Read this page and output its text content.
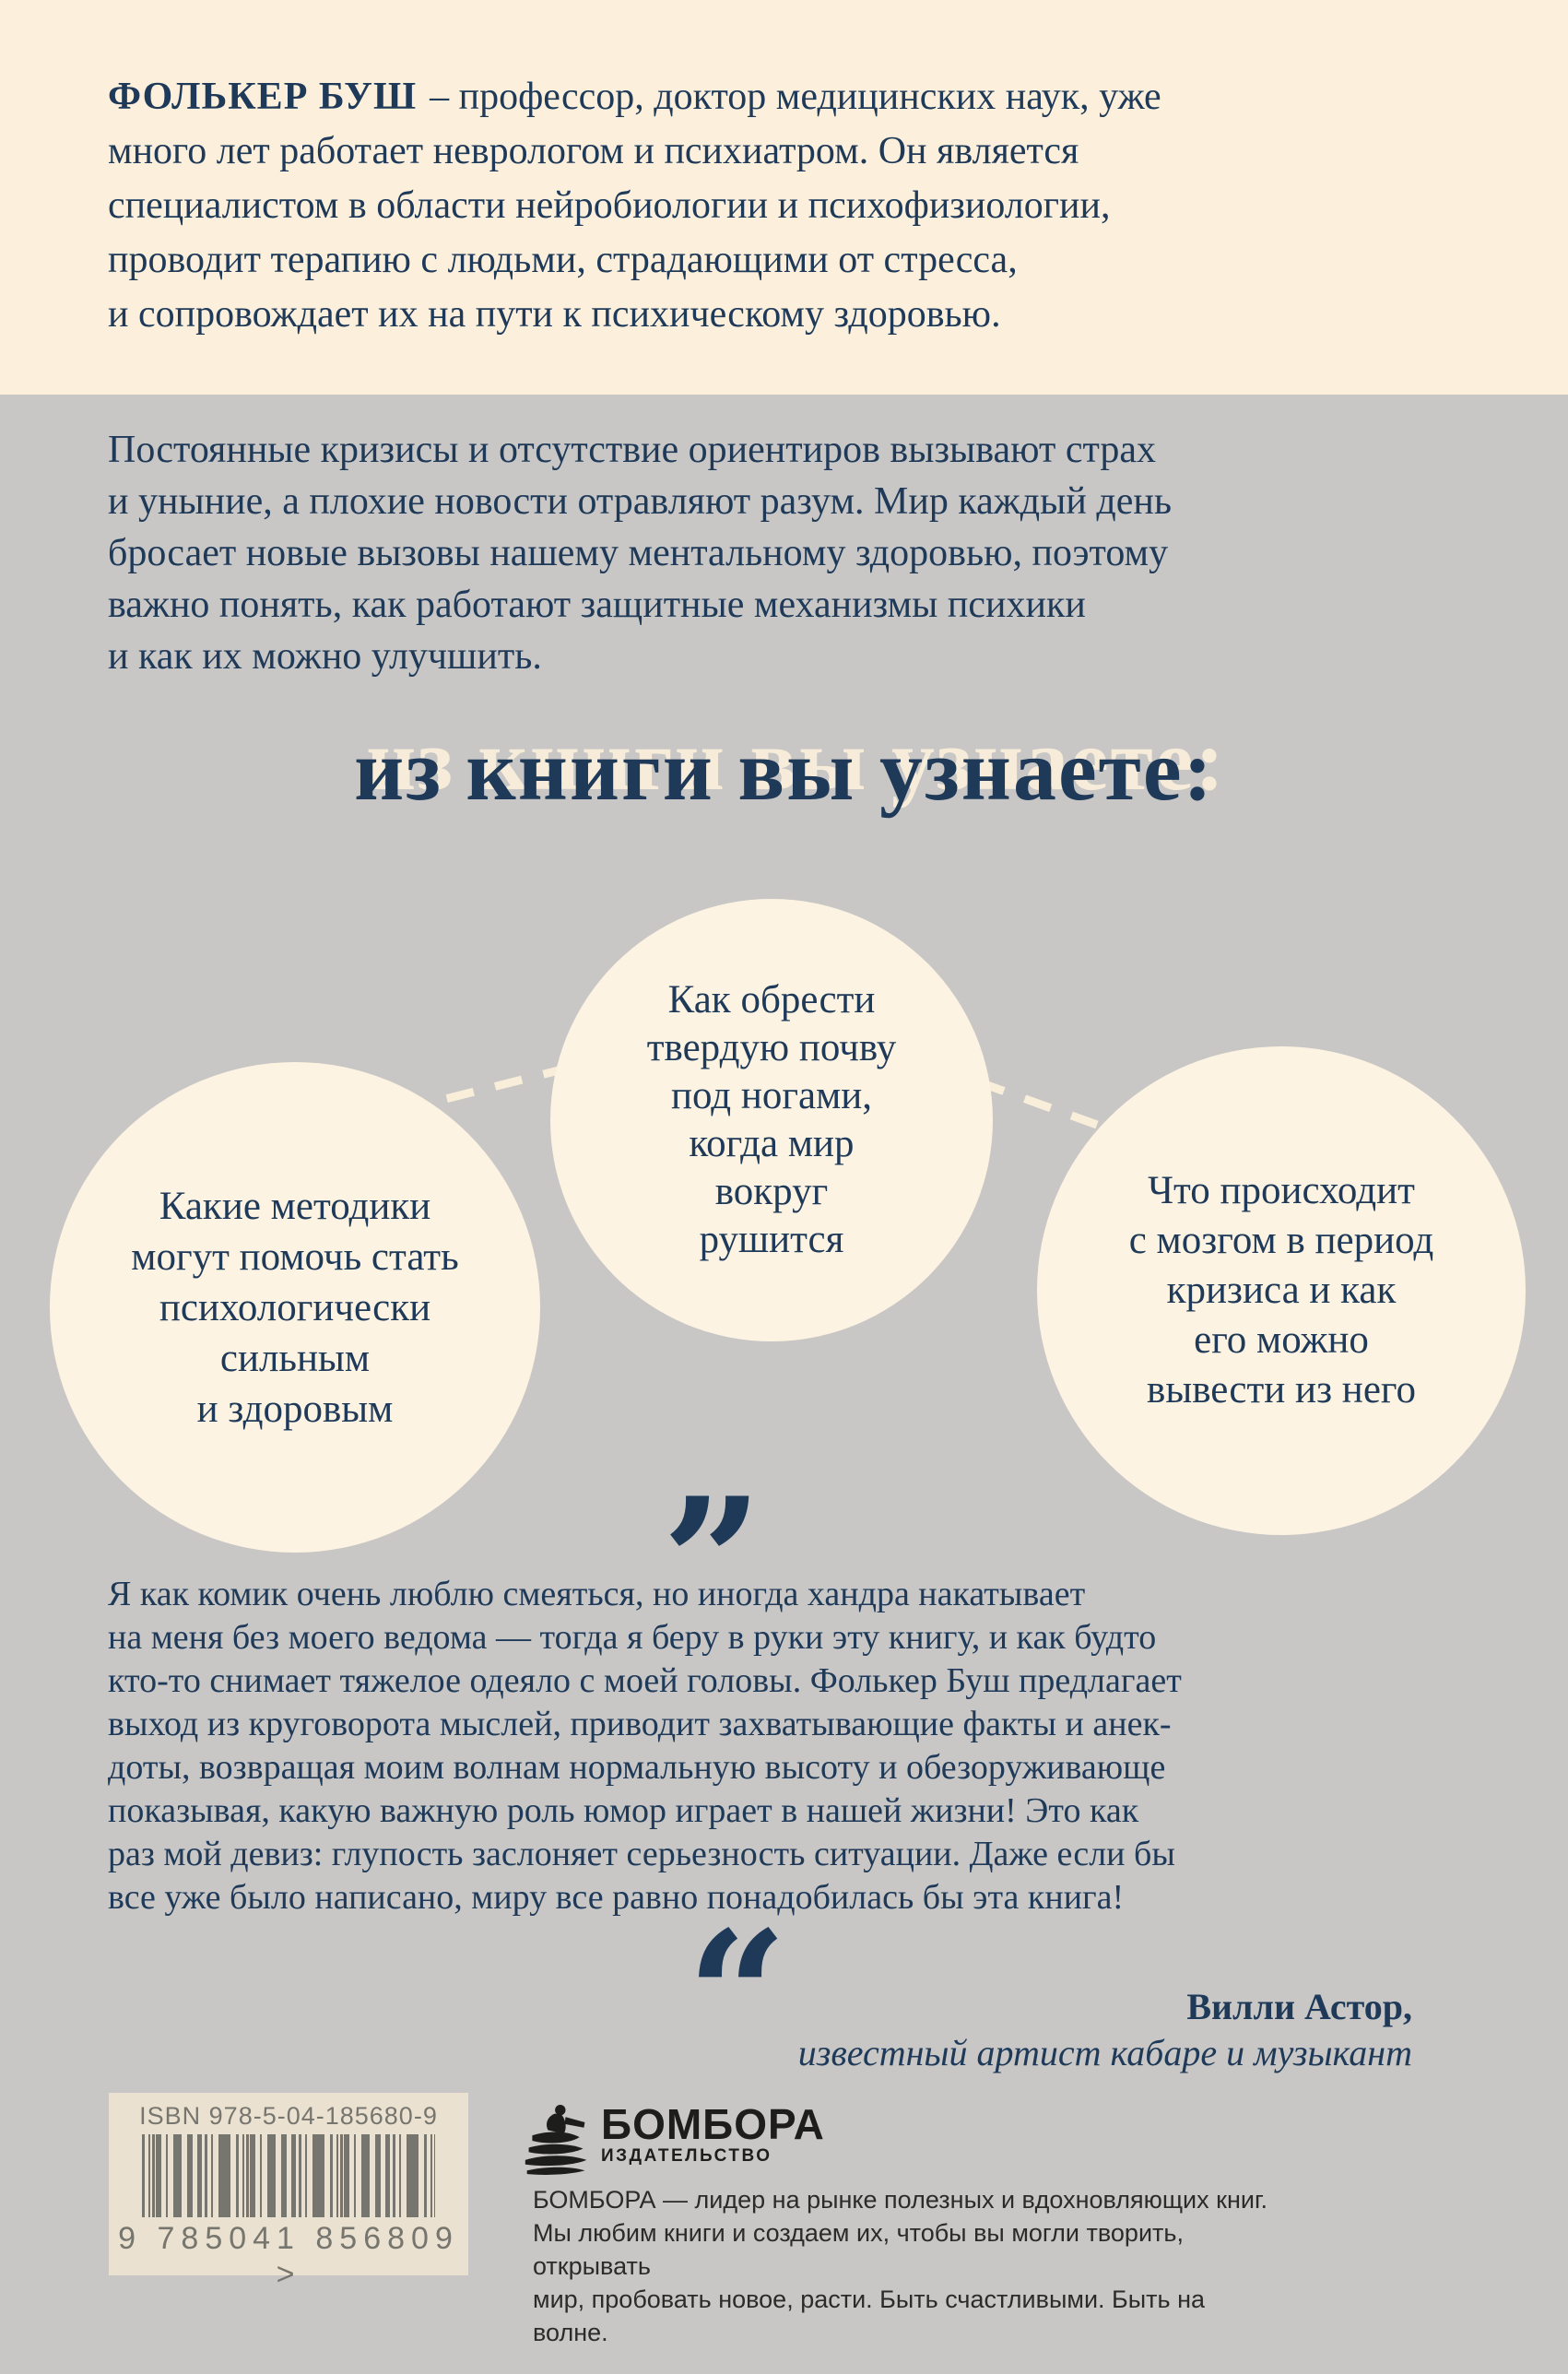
ФОЛЬКЕР БУШ – профессор, доктор медицинских наук, уже
много лет работает неврологом и психиатром. Он является
специалистом в области нейробиологии и психофизиологии,
проводит терапию с людьми, страдающими от стресса,
и сопровождает их на пути к психическому здоровью.
Постоянные кризисы и отсутствие ориентиров вызывают страх
и уныние, а плохие новости отравляют разум. Мир каждый день
бросает новые вызовы нашему ментальному здоровью, поэтому
важно понять, как работают защитные механизмы психики
и как их можно улучшить.
из книги вы узнаете:
Какие методики
могут помочь стать
психологически
сильным
и здоровым
Как обрести
твердую почву
под ногами,
когда мир
вокруг
рушится
Что происходит
с мозгом в период
кризиса и как
его можно
вывести из него
”
Я как комик очень люблю смеяться, но иногда хандра накатывает
на меня без моего ведома — тогда я беру в руки эту книгу, и как будто
кто-то снимает тяжелое одеяло с моей головы. Фолькер Буш предлагает
выход из круговорота мыслей, приводит захватывающие факты и анек-
доты, возвращая моим волнам нормальную высоту и обезоруживающе
показывая, какую важную роль юмор играет в нашей жизни! Это как
раз мой девиз: глупость заслоняет серьезность ситуации. Даже если бы
все уже было написано, миру все равно понадобилась бы эта книга!
“	Вилли Астор,
известный артист кабаре и музыкант
ISBN 978-5-04-185680-9
9 785041 856809 >
БОМБОРА
ИЗДАТЕЛЬСТВО
БОМБОРА — лидер на рынке полезных и вдохновляющих книг.
Мы любим книги и создаем их, чтобы вы могли творить, открывать
мир, пробовать новое, расти. Быть счастливыми. Быть на волне.
